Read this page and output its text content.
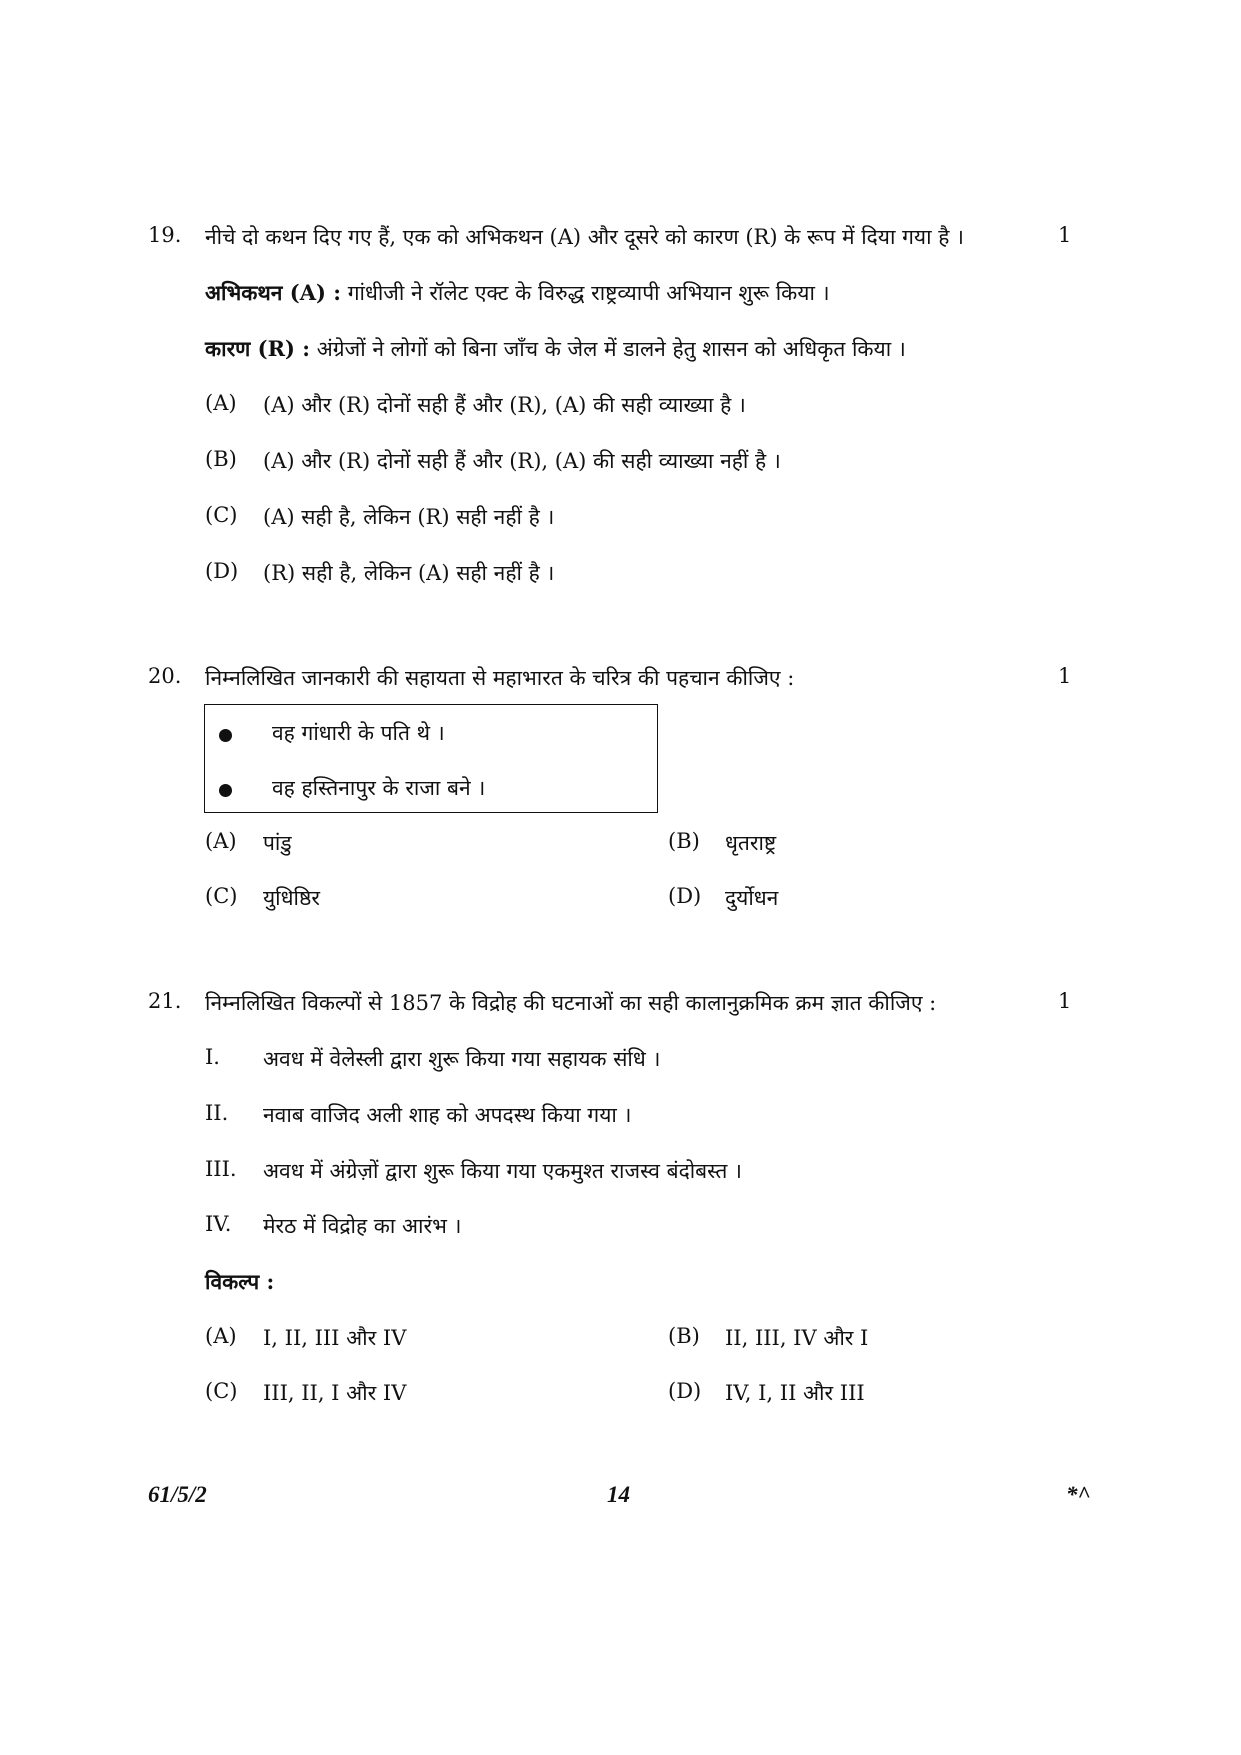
19. नीचे दो कथन दिए गए हैं, एक को अभिकथन (A) और दूसरे को कारण (R) के रूप में दिया गया है ।	1
अभिकथन (A) : गांधीजी ने रॉलेट एक्ट के विरुद्ध राष्ट्रव्यापी अभियान शुरू किया ।
कारण (R) : अंग्रेजों ने लोगों को बिना जाँच के जेल में डालने हेतु शासन को अधिकृत किया ।
(A) (A) और (R) दोनों सही हैं और (R), (A) की सही व्याख्या है ।
(B) (A) और (R) दोनों सही हैं और (R), (A) की सही व्याख्या नहीं है ।
(C) (A) सही है, लेकिन (R) सही नहीं है ।
(D) (R) सही है, लेकिन (A) सही नहीं है ।
20. निम्नलिखित जानकारी की सहायता से महाभारत के चरित्र की पहचान कीजिए :	1
वह गांधारी के पति थे ।
वह हस्तिनापुर के राजा बने ।
(A) पांडु	(B) धृतराष्ट्र
(C) युधिष्ठिर	(D) दुर्योधन
21. निम्नलिखित विकल्पों से 1857 के विद्रोह की घटनाओं का सही कालानुक्रमिक क्रम ज्ञात कीजिए :	1
I. अवध में वेलेस्ली द्वारा शुरू किया गया सहायक संधि ।
II. नवाब वाजिद अली शाह को अपदस्थ किया गया ।
III. अवध में अंग्रेज़ों द्वारा शुरू किया गया एकमुश्त राजस्व बंदोबस्त ।
IV. मेरठ में विद्रोह का आरंभ ।
विकल्प :
(A) I, II, III और IV	(B) II, III, IV और I
(C) III, II, I और IV	(D) IV, I, II और III
61/5/2	14	*^
